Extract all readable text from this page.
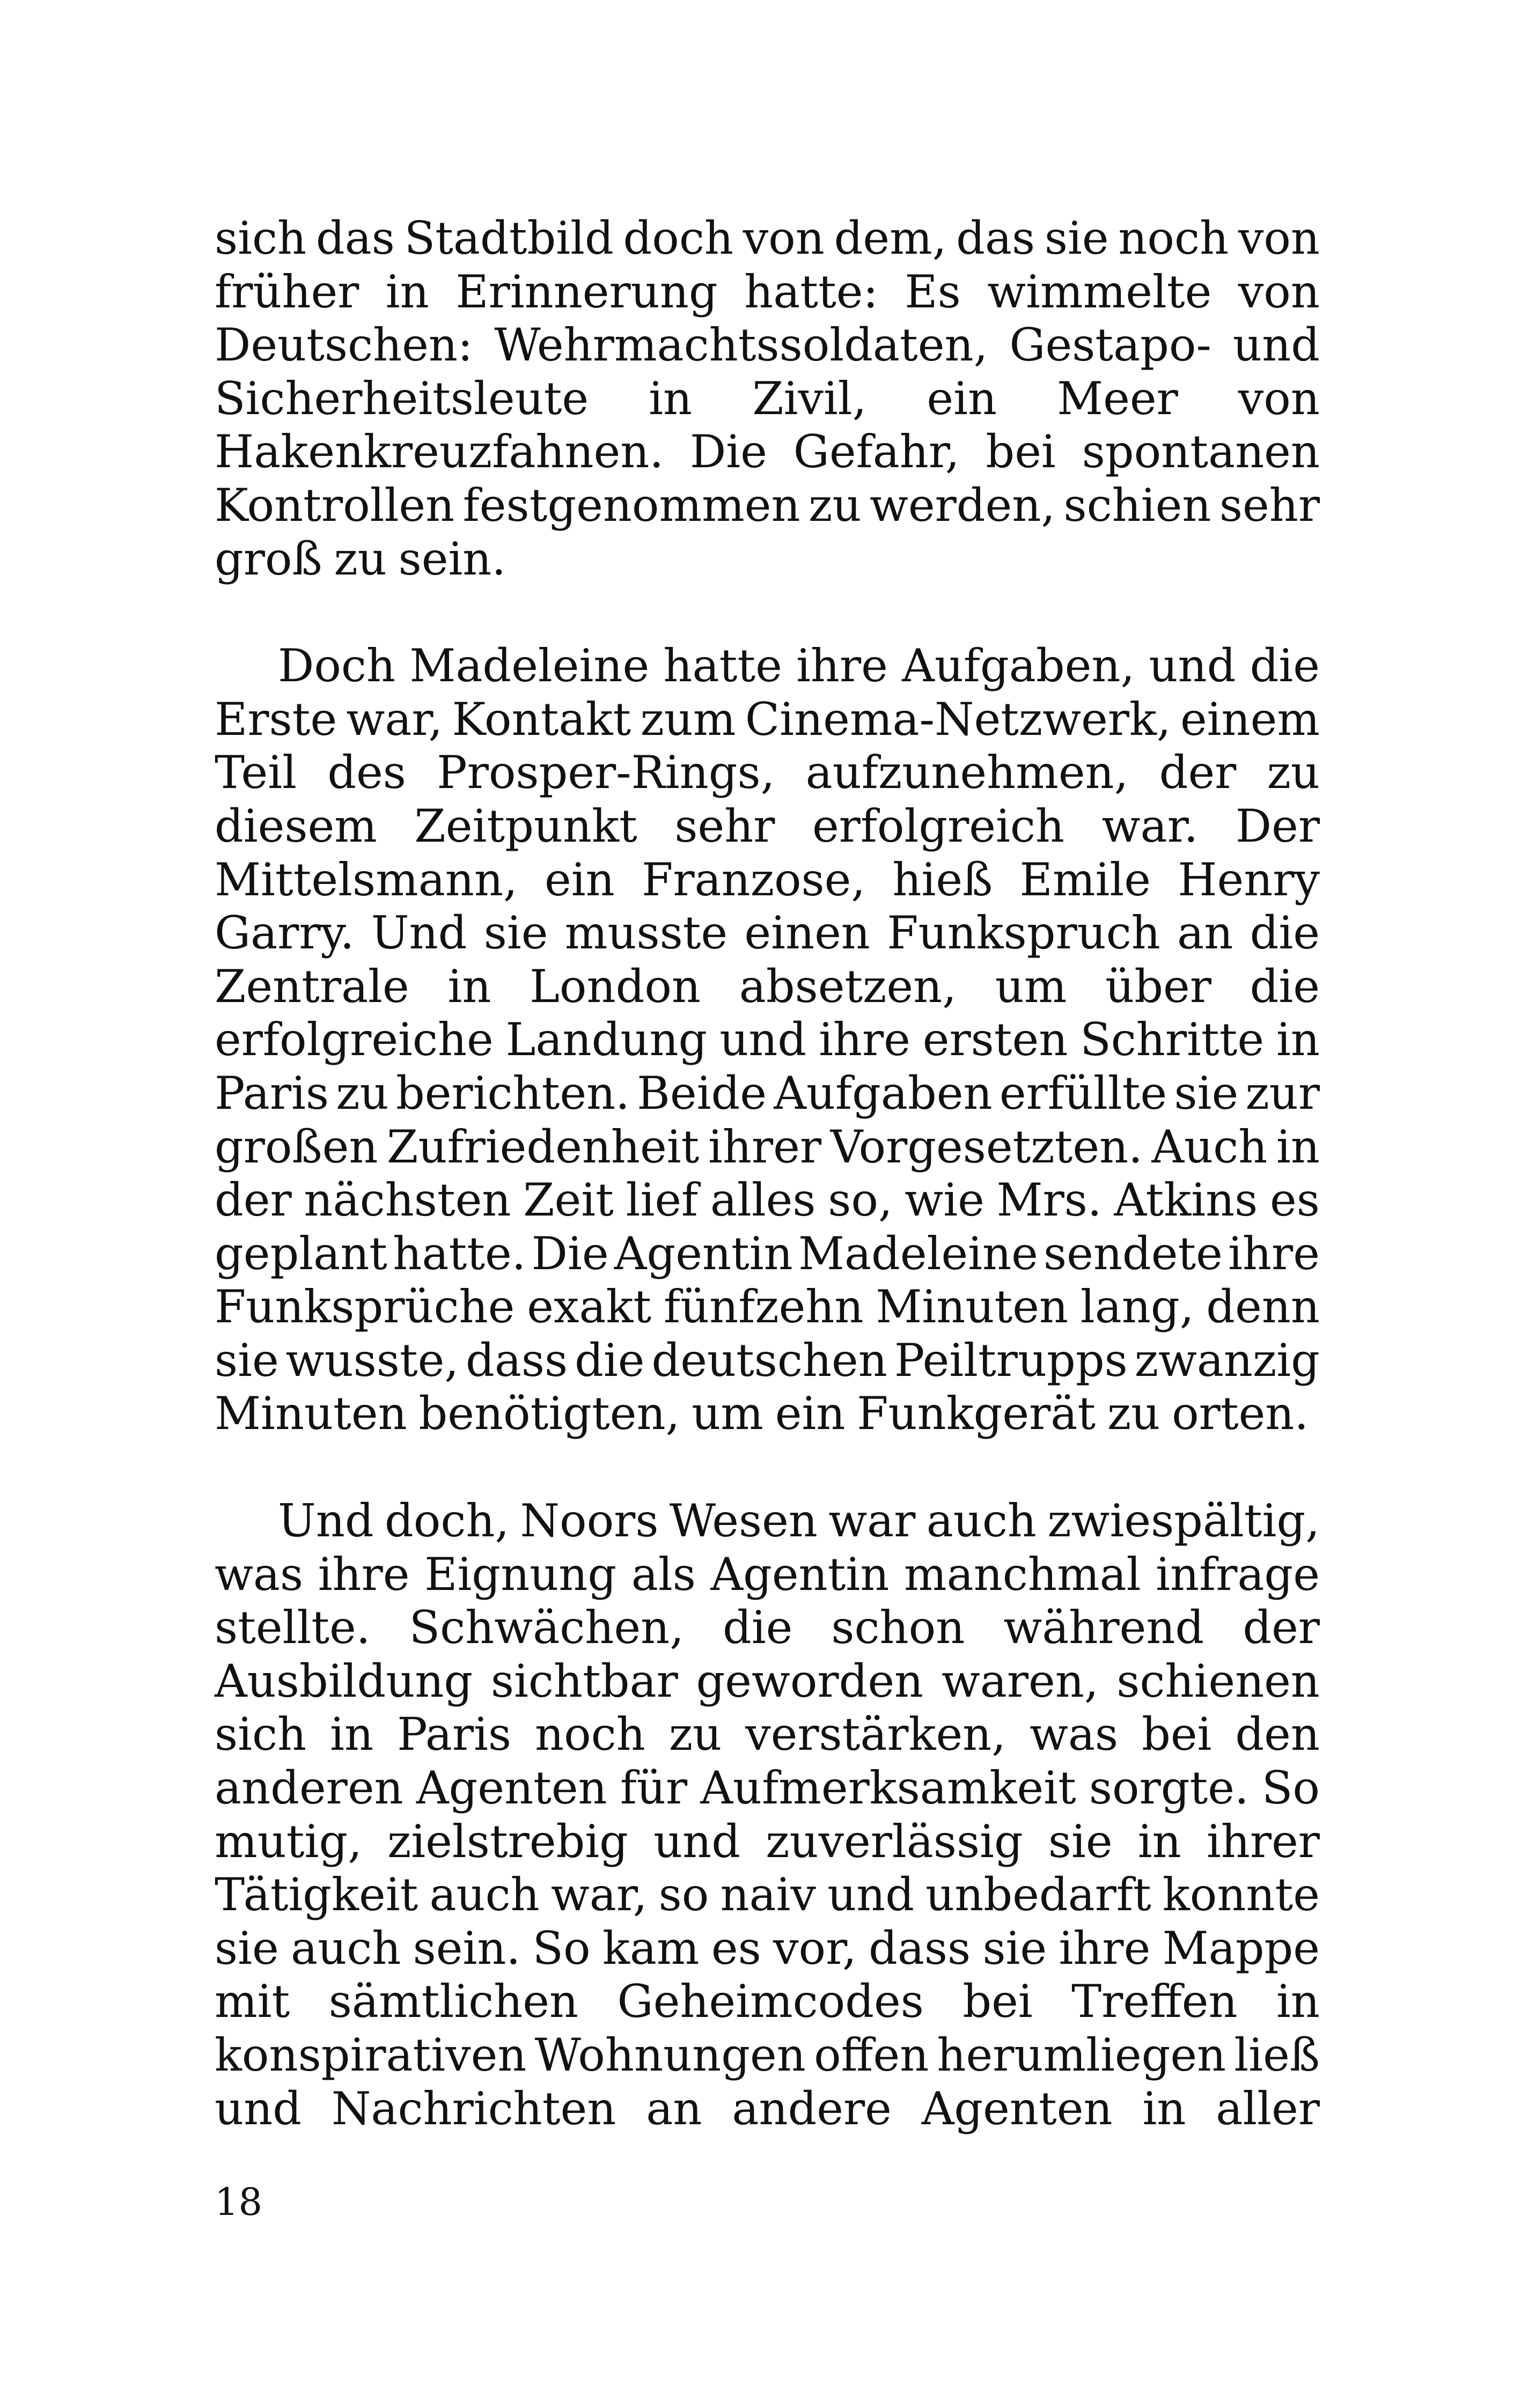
sich das Stadtbild doch von dem, das sie noch von
früher in Erinnerung hatte: Es wimmelte von
Deutschen: Wehrmachtssoldaten, Gestapo- und
Sicherheitsleute in Zivil, ein Meer von
Hakenkreuzfahnen. Die Gefahr, bei spontanen
Kontrollen festgenommen zu werden, schien sehr
groß zu sein.
Doch Madeleine hatte ihre Aufgaben, und die
Erste war, Kontakt zum Cinema-Netzwerk, einem
Teil des Prosper-Rings, aufzunehmen, der zu
diesem Zeitpunkt sehr erfolgreich war. Der
Mittelsmann, ein Franzose, hieß Emile Henry
Garry. Und sie musste einen Funkspruch an die
Zentrale in London absetzen, um über die
erfolgreiche Landung und ihre ersten Schritte in
Paris zu berichten. Beide Aufgaben erfüllte sie zur
großen Zufriedenheit ihrer Vorgesetzten. Auch in
der nächsten Zeit lief alles so, wie Mrs. Atkins es
geplant hatte. Die Agentin Madeleine sendete ihre
Funksprüche exakt fünfzehn Minuten lang, denn
sie wusste, dass die deutschen Peiltrupps zwanzig
Minuten benötigten, um ein Funkgerät zu orten.
Und doch, Noors Wesen war auch zwiespältig,
was ihre Eignung als Agentin manchmal infrage
stellte. Schwächen, die schon während der
Ausbildung sichtbar geworden waren, schienen
sich in Paris noch zu verstärken, was bei den
anderen Agenten für Aufmerksamkeit sorgte. So
mutig, zielstrebig und zuverlässig sie in ihrer
Tätigkeit auch war, so naiv und unbedarft konnte
sie auch sein. So kam es vor, dass sie ihre Mappe
mit sämtlichen Geheimcodes bei Treffen in
konspirativen Wohnungen offen herumliegen ließ
und Nachrichten an andere Agenten in aller
18
